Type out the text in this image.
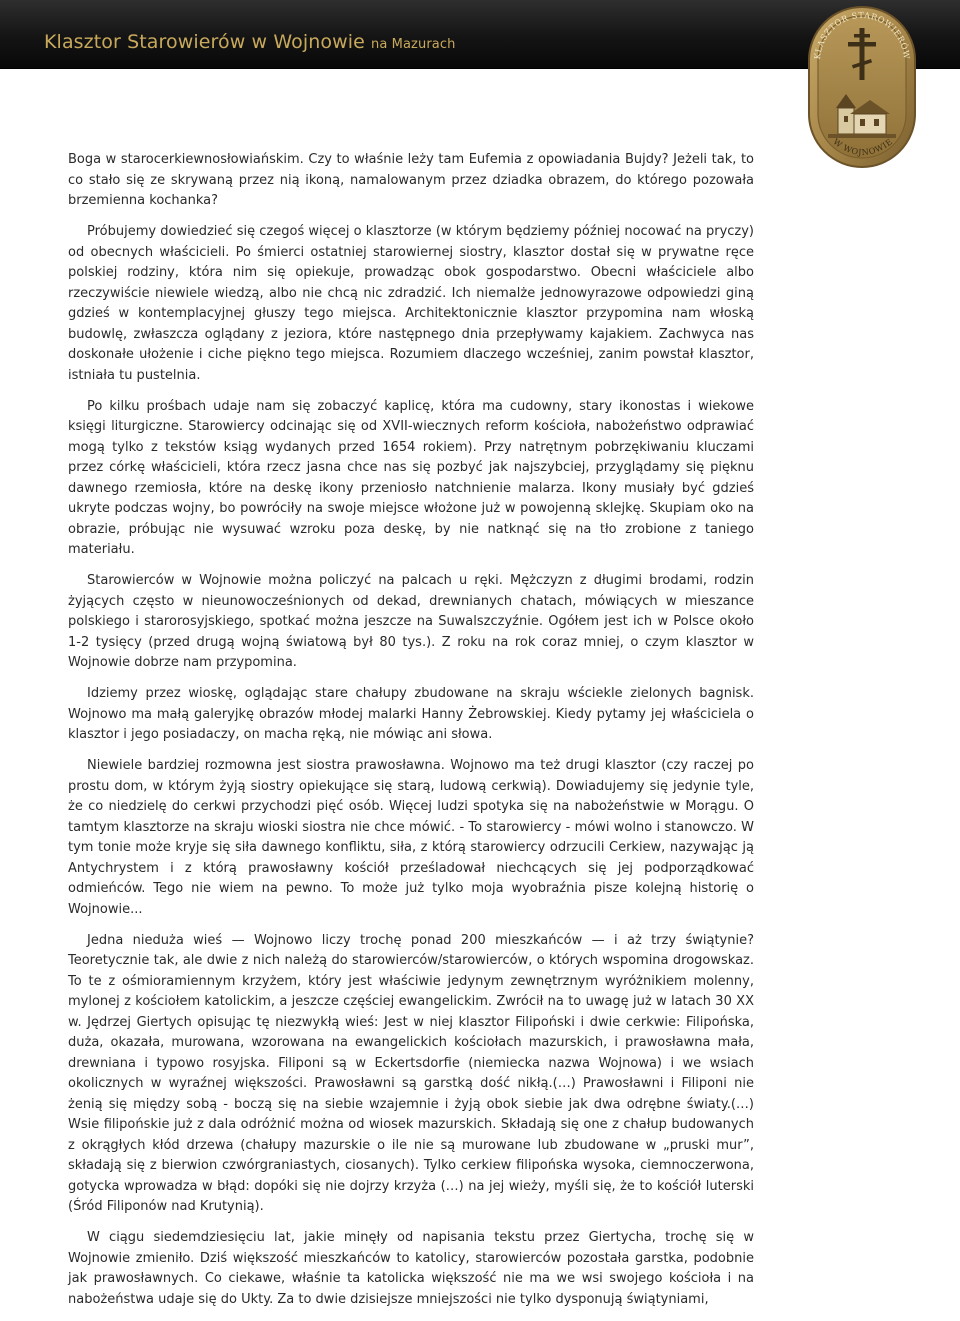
Klasztor Starowierów w Wojnowie na Mazurach
KLASZTOR STAROWIERÓW
W WOJNOWIE

Boga w starocerkiewnosłowiańskim. Czy to właśnie leży tam Eufemia z opowiadania Bujdy? Jeżeli tak, to co stało się ze skrywaną przez nią ikoną, namalowanym przez dziadka obrazem, do którego pozowała brzemienna kochanka?

Próbujemy dowiedzieć się czegoś więcej o klasztorze (w którym będziemy później nocować na pryczy) od obecnych właścicieli. Po śmierci ostatniej starowiernej siostry, klasztor dostał się w prywatne ręce polskiej rodziny, która nim się opiekuje, prowadząc obok gospodarstwo. Obecni właściciele albo rzeczywiście niewiele wiedzą, albo nie chcą nic zdradzić. Ich niemalże jednowyrazowe odpowiedzi giną gdzieś w kontemplacyjnej głuszy tego miejsca. Architektonicznie klasztor przypomina nam włoską budowlę, zwłaszcza oglądany z jeziora, które następnego dnia przepływamy kajakiem. Zachwyca nas doskonałe ułożenie i ciche piękno tego miejsca. Rozumiem dlaczego wcześniej, zanim powstał klasztor, istniała tu pustelnia.

Po kilku prośbach udaje nam się zobaczyć kaplicę, która ma cudowny, stary ikonostas i wiekowe księgi liturgiczne. Starowiercy odcinając się od XVII-wiecznych reform kościoła, nabożeństwo odprawiać mogą tylko z tekstów ksiąg wydanych przed 1654 rokiem). Przy natrętnym pobrzękiwaniu kluczami przez córkę właścicieli, która rzecz jasna chce nas się pozbyć jak najszybciej, przyglądamy się pięknu dawnego rzemiosła, które na deskę ikony przeniosło natchnienie malarza. Ikony musiały być gdzieś ukryte podczas wojny, bo powróciły na swoje miejsce włożone już w powojenną sklejkę. Skupiam oko na obrazie, próbując nie wysuwać wzroku poza deskę, by nie natknąć się na tło zrobione z taniego materiału.

Starowierców w Wojnowie można policzyć na palcach u ręki. Mężczyzn z długimi brodami, rodzin żyjących często w nieunowocześnionych od dekad, drewnianych chatach, mówiących w mieszance polskiego i starorosyjskiego, spotkać można jeszcze na Suwalszczyźnie. Ogółem jest ich w Polsce około 1-2 tysięcy (przed drugą wojną światową był 80 tys.). Z roku na rok coraz mniej, o czym klasztor w Wojnowie dobrze nam przypomina.

Idziemy przez wioskę, oglądając stare chałupy zbudowane na skraju wściekle zielonych bagnisk. Wojnowo ma małą galeryjkę obrazów młodej malarki Hanny Żebrowskiej. Kiedy pytamy jej właściciela o klasztor i jego posiadaczy, on macha ręką, nie mówiąc ani słowa.

Niewiele bardziej rozmowna jest siostra prawosławna. Wojnowo ma też drugi klasztor (czy raczej po prostu dom, w którym żyją siostry opiekujące się starą, ludową cerkwią). Dowiadujemy się jedynie tyle, że co niedzielę do cerkwi przychodzi pięć osób. Więcej ludzi spotyka się na nabożeństwie w Morągu. O tamtym klasztorze na skraju wioski siostra nie chce mówić. - To starowiercy - mówi wolno i stanowczo. W tym tonie może kryje się siła dawnego konfliktu, siła, z którą starowiercy odrzucili Cerkiew, nazywając ją Antychrystem i z którą prawosławny kościół prześladował niechcących się jej podporządkować odmieńców. Tego nie wiem na pewno. To może już tylko moja wyobraźnia pisze kolejną historię o Wojnowie...

Jedna nieduża wieś — Wojnowo liczy trochę ponad 200 mieszkańców — i aż trzy świątynie? Teoretycznie tak, ale dwie z nich należą do starowierców/starowierców, o których wspomina drogowskaz. To te z ośmioramiennym krzyżem, który jest właściwie jedynym zewnętrznym wyróżnikiem molenny, mylonej z kościołem katolickim, a jeszcze częściej ewangelickim. Zwrócił na to uwagę już w latach 30 XX w. Jędrzej Giertych opisując tę niezwykłą wieś: Jest w niej klasztor Filipoński i dwie cerkwie: Filipońska, duża, okazała, murowana, wzorowana na ewangelickich kościołach mazurskich, i prawosławna mała, drewniana i typowo rosyjska. Filiponi są w Eckertsdorfie (niemiecka nazwa Wojnowa) i we wsiach okolicznych w wyraźnej większości. Prawosławni są garstką dość nikłą.(…) Prawosławni i Filiponi nie żenią się między sobą - boczą się na siebie wzajemnie i żyją obok siebie jak dwa odrębne światy.(…) Wsie filipońskie już z dala odróżnić można od wiosek mazurskich. Składają się one z chałup budowanych z okrągłych kłód drzewa (chałupy mazurskie o ile nie są murowane lub zbudowane w „pruski mur”, składają się z bierwion czwórgraniastych, ciosanych). Tylko cerkiew filipońska wysoka, ciemnoczerwona, gotycka wprowadza w błąd: dopóki się nie dojrzy krzyża (…) na jej wieży, myśli się, że to kościół luterski (Śród Filiponów nad Krutynią).

W ciągu siedemdziesięciu lat, jakie minęły od napisania tekstu przez Giertycha, trochę się w Wojnowie zmieniło. Dziś większość mieszkańców to katolicy, starowierców pozostała garstka, podobnie jak prawosławnych. Co ciekawe, właśnie ta katolicka większość nie ma we wsi swojego kościoła i na nabożeństwa udaje się do Ukty. Za to dwie dzisiejsze mniejszości nie tylko dysponują świątyniami,
